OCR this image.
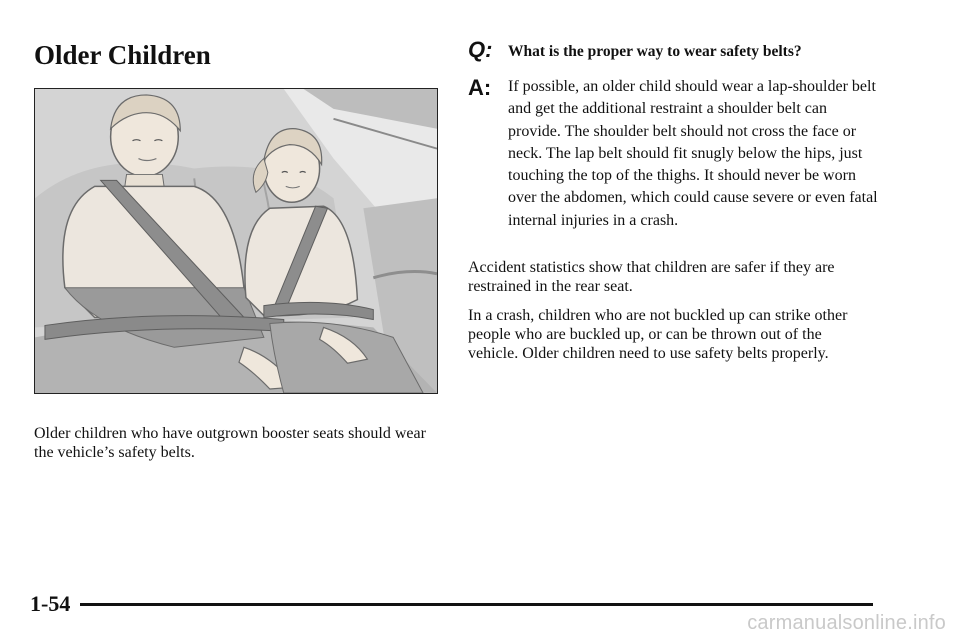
Older Children

Older children who have outgrown booster seats should wear the vehicle’s safety belts.

Q: What is the proper way to wear safety belts?

A: If possible, an older child should wear a lap-shoulder belt and get the additional restraint a shoulder belt can provide. The shoulder belt should not cross the face or neck. The lap belt should fit snugly below the hips, just touching the top of the thighs. It should never be worn over the abdomen, which could cause severe or even fatal internal injuries in a crash.

Accident statistics show that children are safer if they are restrained in the rear seat.

In a crash, children who are not buckled up can strike other people who are buckled up, or can be thrown out of the vehicle. Older children need to use safety belts properly.

1-54
carmanualsonline.info
